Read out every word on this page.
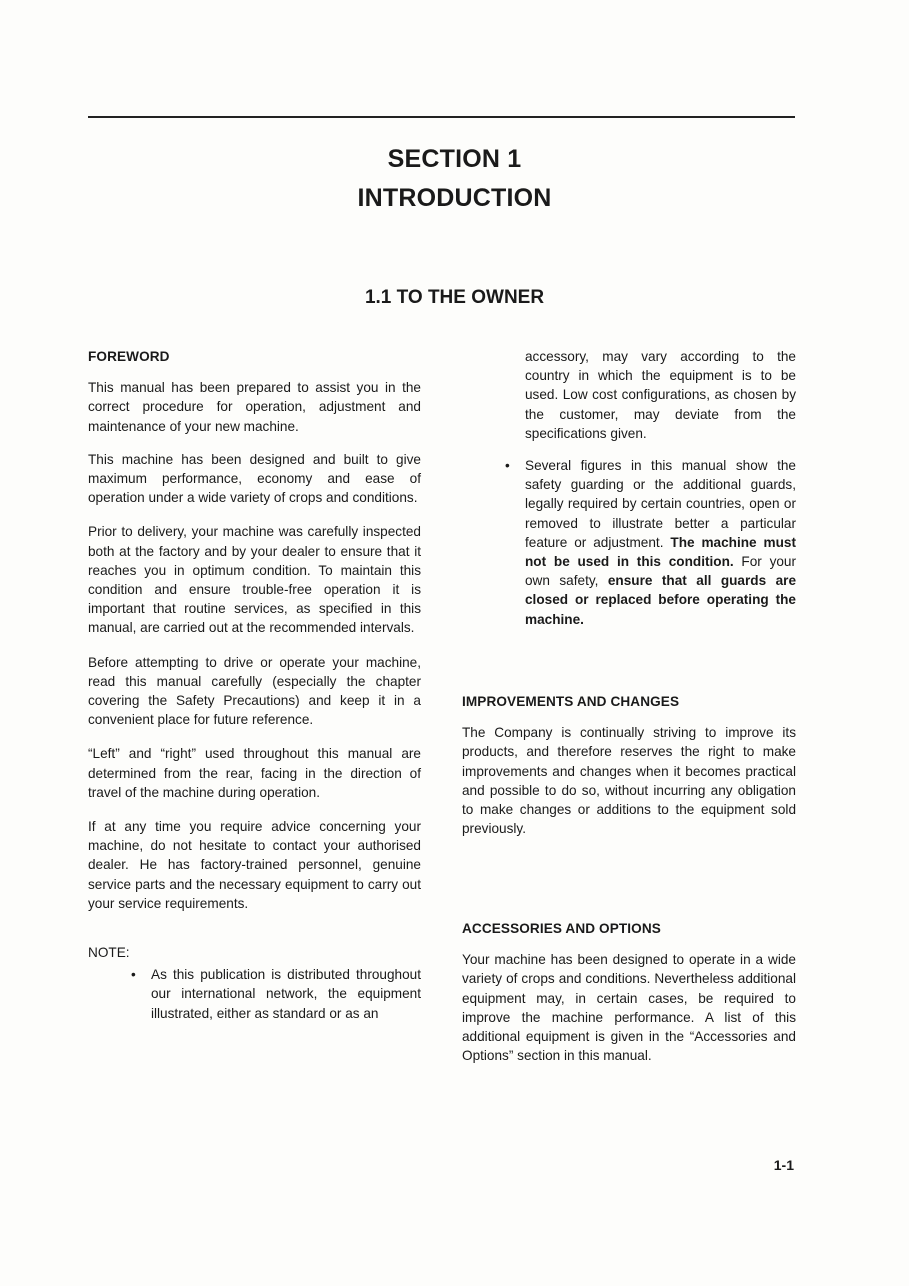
SECTION 1
INTRODUCTION
1.1 TO THE OWNER
FOREWORD

This manual has been prepared to assist you in the correct procedure for operation, adjustment and maintenance of your new machine.

This machine has been designed and built to give maximum performance, economy and ease of operation under a wide variety of crops and conditions.

Prior to delivery, your machine was carefully inspected both at the factory and by your dealer to ensure that it reaches you in optimum condition. To maintain this condition and ensure trouble-free operation it is important that routine services, as specified in this manual, are carried out at the recommended intervals.

Before attempting to drive or operate your machine, read this manual carefully (especially the chapter covering the Safety Precautions) and keep it in a convenient place for future reference.

“Left” and “right” used throughout this manual are determined from the rear, facing in the direction of travel of the machine during operation.

If at any time you require advice concerning your machine, do not hesitate to contact your authorised dealer. He has factory-trained personnel, genuine service parts and the necessary equipment to carry out your service requirements.

NOTE:

• As this publication is distributed throughout our international network, the equipment illustrated, either as standard or as an

accessory, may vary according to the country in which the equipment is to be used. Low cost configurations, as chosen by the customer, may deviate from the specifications given.

• Several figures in this manual show the safety guarding or the additional guards, legally required by certain countries, open or removed to illustrate better a particular feature or adjustment. The machine must not be used in this condition. For your own safety, ensure that all guards are closed or replaced before operating the machine.
IMPROVEMENTS AND CHANGES

The Company is continually striving to improve its products, and therefore reserves the right to make improvements and changes when it becomes practical and possible to do so, without incurring any obligation to make changes or additions to the equipment sold previously.

ACCESSORIES AND OPTIONS

Your machine has been designed to operate in a wide variety of crops and conditions. Nevertheless additional equipment may, in certain cases, be required to improve the machine performance. A list of this additional equipment is given in the “Accessories and Options” section in this manual.

1-1
